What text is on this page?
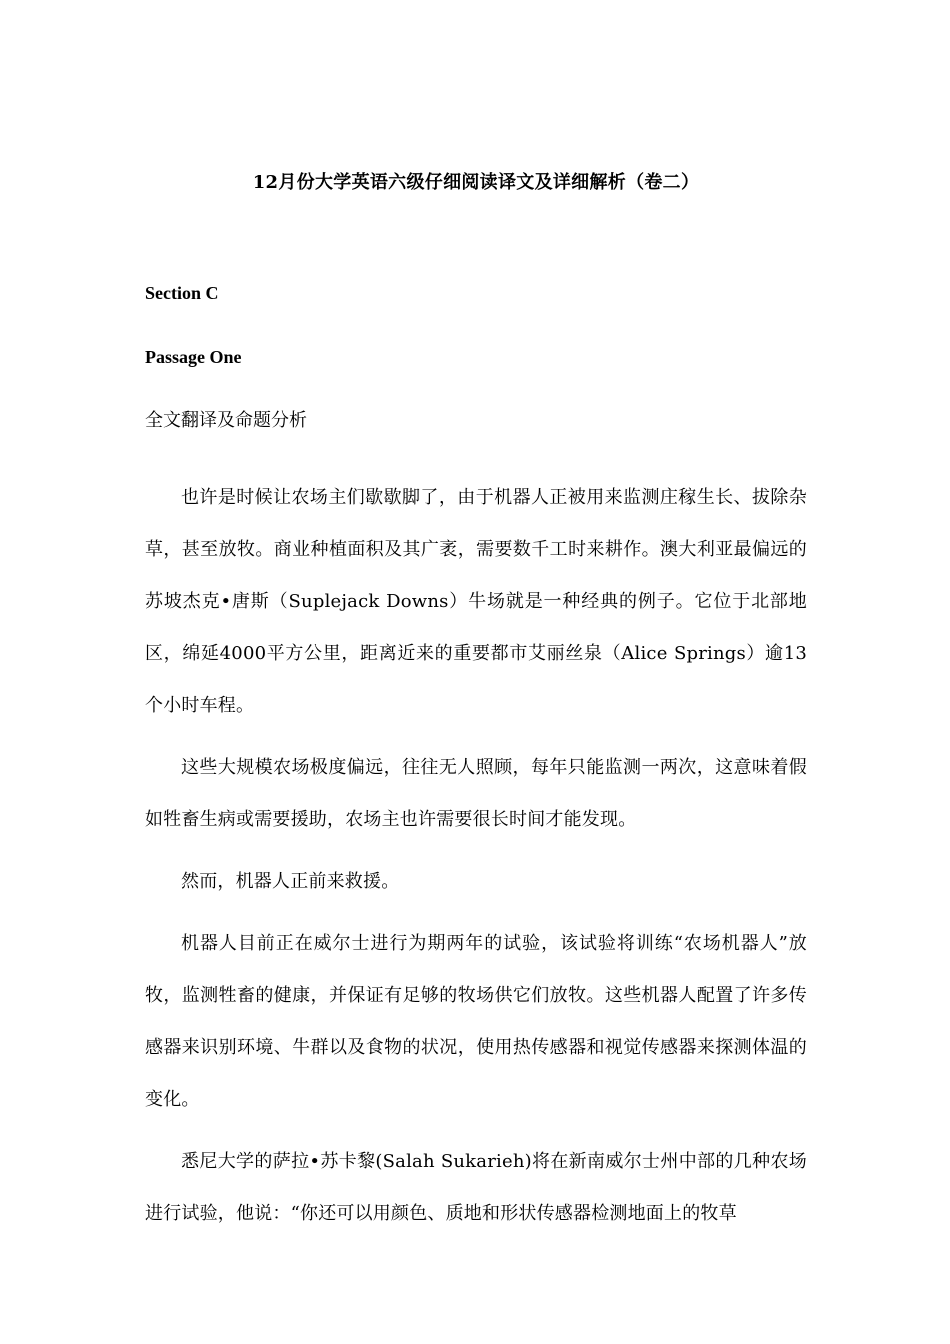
12月份大学英语六级仔细阅读译文及详细解析（卷二）
Section C
Passage One
全文翻译及命题分析

也许是时候让农场主们歇歇脚了，由于机器人正被用来监测庄稼生长、拔除杂草，甚至放牧。商业种植面积及其广袤，需要数千工时来耕作。澳大利亚最偏远的苏坡杰克•唐斯（Suplejack Downs）牛场就是一种经典的例子。它位于北部地区，绵延4000平方公里，距离近来的重要都市艾丽丝泉（Alice Springs）逾13个小时车程。

这些大规模农场极度偏远，往往无人照顾，每年只能监测一两次，这意味着假如牲畜生病或需要援助，农场主也许需要很长时间才能发现。

然而，机器人正前来救援。

机器人目前正在威尔士进行为期两年的试验，该试验将训练“农场机器人”放牧，监测牲畜的健康，并保证有足够的牧场供它们放牧。这些机器人配置了许多传感器来识别环境、牛群以及食物的状况，使用热传感器和视觉传感器来探测体温的变化。

悉尼大学的萨拉•苏卡黎(Salah Sukarieh)将在新南威尔士州中部的几种农场进行试验，他说：“你还可以用颜色、质地和形状传感器检测地面上的牧草
